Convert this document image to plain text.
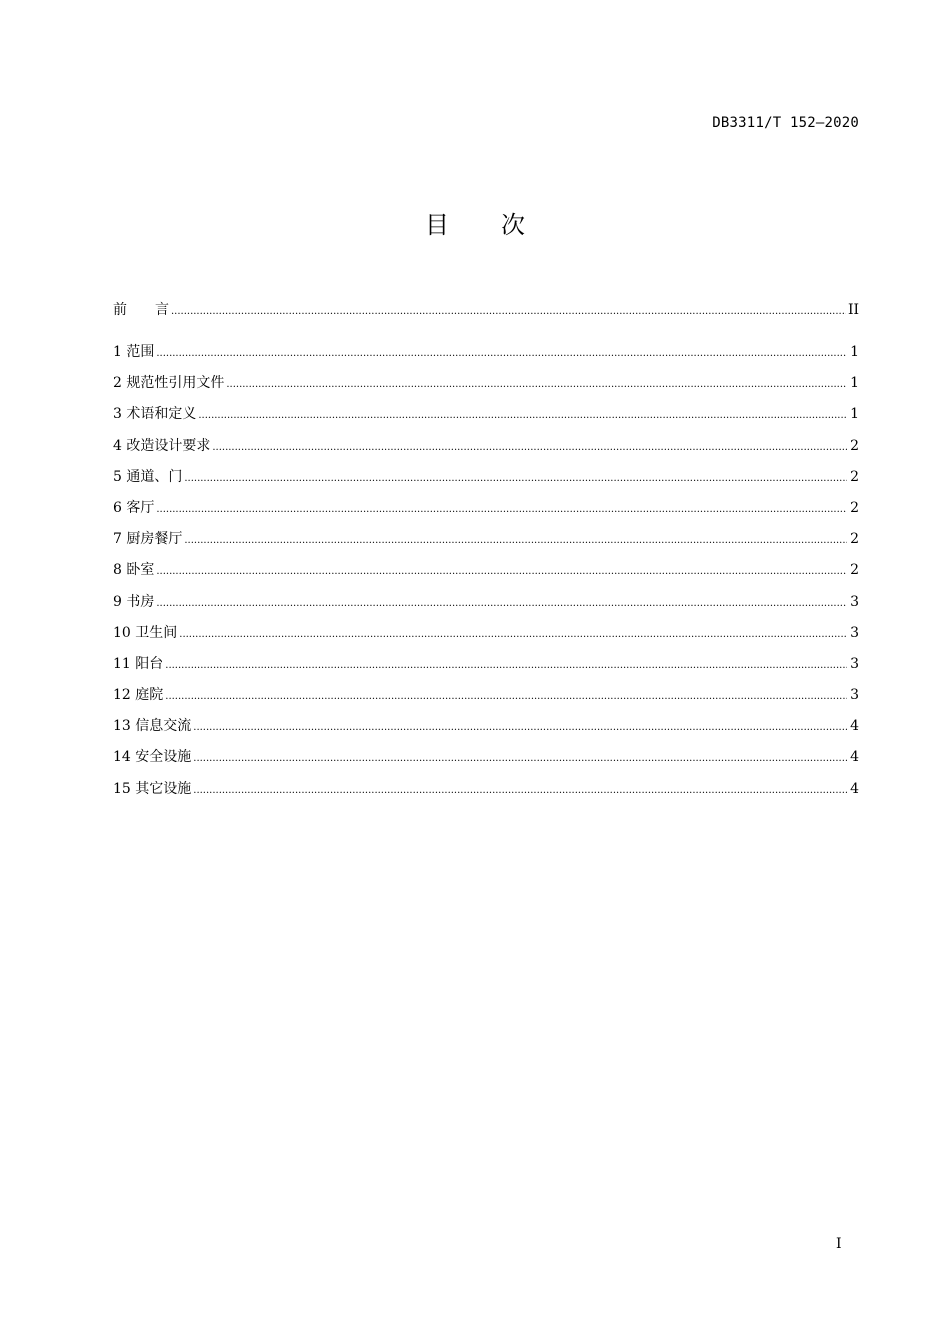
DB3311/T 152—2020
目次
前　　言 .....	II
1 范围 .....	1
2 规范性引用文件 .....	1
3 术语和定义 .....	1
4 改造设计要求 .....	2
5 通道、门 .....	2
6 客厅 .....	2
7 厨房餐厅 .....	2
8 卧室 .....	2
9 书房 .....	3
10 卫生间 .....	3
11 阳台 .....	3
12 庭院 .....	3
13 信息交流 .....	4
14 安全设施 .....	4
15 其它设施 .....	4
I
